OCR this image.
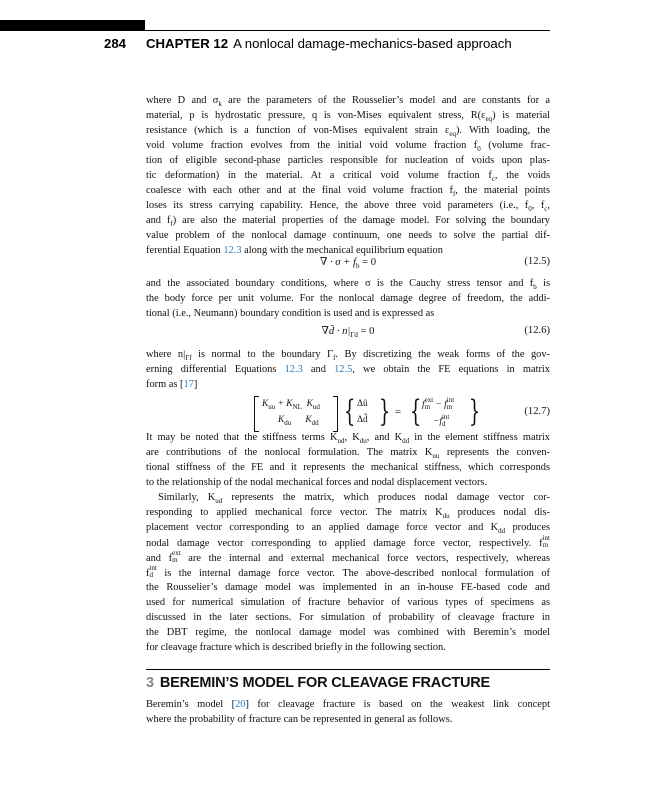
284	CHAPTER 12 A nonlocal damage-mechanics-based approach
where D and $\sigma_k$ are the parameters of the Rousselier’s model and are constants for a
material, p is hydrostatic pressure, q is von-Mises equivalent stress, $R(\varepsilon_{eq})$ is material
resistance (which is a function of von-Mises equivalent strain $\varepsilon_{eq}$). With loading, the
void volume fraction evolves from the initial void volume fraction $f_0$ (volume frac-
tion of eligible second-phase particles responsible for nucleation of voids upon plas-
tic deformation) in the material. At a critical void volume fraction $f_c$, the voids
coalesce with each other and at the final void volume fraction $f_f$, the material points
loses its stress carrying capability. Hence, the above three void parameters (i.e., $f_0$, $f_c$,
and $f_f$) are also the material properties of the damage model. For solving the boundary
value problem of the nonlocal damage continuum, one needs to solve the partial dif-
ferential Equation 12.3 along with the mechanical equilibrium equation
∇ · $\sigma + f_b = 0$	(12.5)
and the associated boundary conditions, where σ is the Cauchy stress tensor and $f_b$ is
the body force per unit volume. For the nonlocal damage degree of freedom, the addi-
tional (i.e., Neumann) boundary condition is used and is expressed as
∇d̄ · $n|_{\Gamma d} = 0$	(12.6)
where $n|_{\Gamma f}$ is normal to the boundary $\Gamma_f$. By discretizing the weak forms of the gov-
erning differential Equations 12.3 and 12.5, we obtain the FE equations in matrix
form as [17]
$K_{uu} + K_{NL}$ $K_{ud}$
$K_{du}$ $K_{dd}$ { }
Δû
Δd̂
= { }
fext
m − fint
m
−fint
d
(12.7)
It may be noted that the stiffness terms $K_{ud}$, $K_{du}$, and $K_{dd}$ in the element stiffness matrix
are contributions of the nonlocal formulation. The matrix $K_{uu}$ represents the conven-
tional stiffness of the FE and it represents the mechanical stiffness, which corresponds
to the relationship of the nodal mechanical forces and nodal displacement vectors.
Similarly, $K_{ud}$ represents the matrix, which produces nodal damage vector cor-
responding to applied mechanical force vector. The matrix $K_{du}$ produces nodal dis-
placement vector corresponding to an applied damage force vector and $K_{dd}$ produces
nodal damage vector corresponding to applied damage force vector, respectively. fint
m
and fext
m are the internal and external mechanical force vectors, respectively, whereas
fint
d is the internal damage force vector. The above-described nonlocal formulation of
the Rousselier’s damage model was implemented in an in-house FE-based code and
used for numerical simulation of fracture behavior of various types of specimens as
discussed in the later sections. For simulation of probability of cleavage fracture in
the DBT regime, the nonlocal damage model was combined with Beremin’s model
for cleavage fracture which is described briefly in the following section.
3 BEREMIN’S MODEL FOR CLEAVAGE FRACTURE
Beremin’s model [20] for cleavage fracture is based on the weakest link concept
where the probability of fracture can be represented in general as follows.
